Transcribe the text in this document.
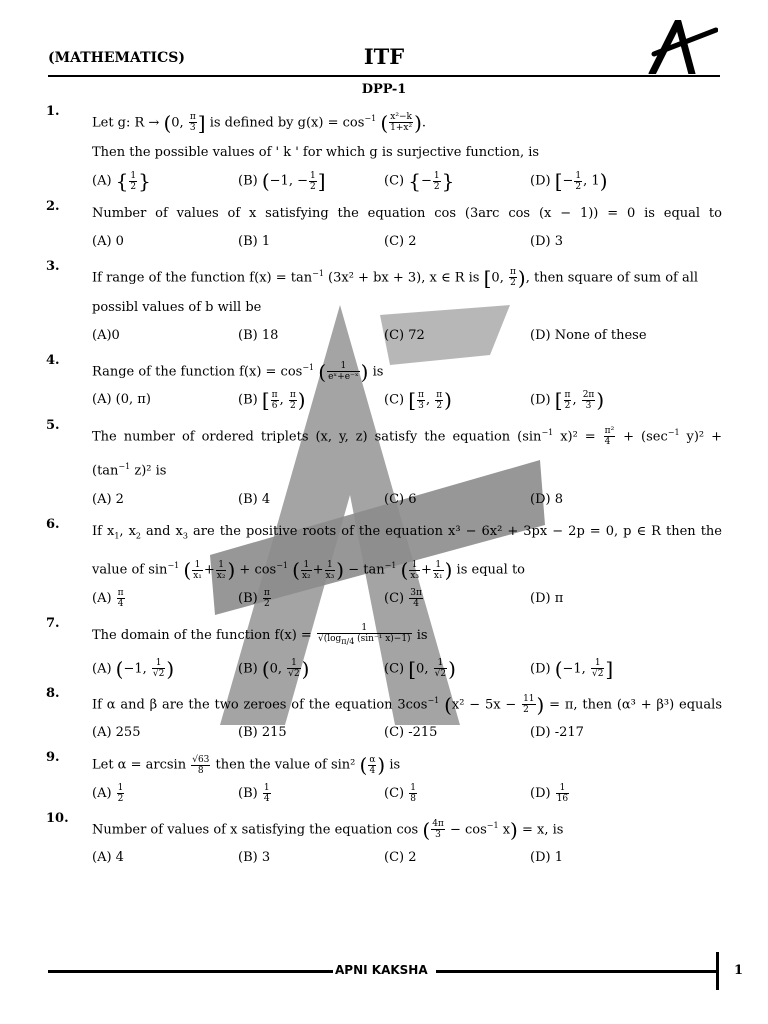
(MATHEMATICS)	ITF
DPP-1
1.
Let g: R → (0, $\frac{\pi}{3}$ ] is defined by $g(x) = \cos^{-1}$ ( $\frac{\text{x²−k}}{\text{1+x²}}$ ).
Then the possible values of ' k ' for which g is surjective function, is
(A) { $\frac{1}{2}$ }	(B) (−1, − $\frac{1}{2}$ ]	(C) {− $\frac{1}{2}$ }	(D) [− $\frac{1}{2}$ , 1)
2.	Number of values of x satisfying the equation cos (3arc cos (x − 1)) = 0 is equal to
(A) 0	(B) 1	(C) 2	(D) 3
3.
If range of the function $f(x) = \tan^{-1} (3x^2$ + bx + 3), x ∈ R is [0, $\frac{\pi}{2}$ ), then square of sum of all
possibl values of b will be
(A)0	(B) 18	(C) 72	(D) None of these
4.
Range of the function $f(x) = \cos^{-1}$ ( $\frac{1}{\text{eˣ+e⁻ˣ}}$ ) is
(A) (0, π)	(B) [ $\frac{\pi}{6}$ , $\frac{\pi}{2}$ )	(C) [ $\frac{\pi}{3}$ , $\frac{\pi}{2}$ )	(D) [ $\frac{\pi}{2}$ , $\frac{2\pi}{3}$ )
5.
The number of ordered triplets (x, y, z) satisfy the equation ($\sin^{-1}$ $x)^2 = \frac{\text{π²}}{4} + (\sec^{-1}$ y)² +
($\tan^{-1}$ z)² is
(A) 2	(B) 4	(C) 6	(D) 8
6.	If $x_1$, $x_2$ and $x_3$ are the positive roots of the equation x³ − 6x² + 3px − 2p = 0, p ∈ R then the
value of $\sin^{-1}$ ( $\frac{1}{\text{x₁}} + \frac{1}{\text{x₂}}$ ) + $\cos^{-1}$ ( $\frac{1}{\text{x₂}} + \frac{1}{\text{x₃}}$ ) − $\tan^{-1}$ ( $\frac{1}{\text{x₃}} + \frac{1}{\text{x₁}}$ ) is equal to
$(A) \frac{\pi}{4}$	$(B) \frac{\pi}{2}$	$(C) \frac{3\pi}{4}$	(D) π
7.
The domain of the function $f(x) = \frac{1}{√(\log_{\pi/4} (\sin^{-1} x)-1)}$ is
(A) (−1, $\frac{1}{√2}$ )	(B) (0, $\frac{1}{√2}$ )	(C) [0, $\frac{1}{√2}$ )	(D) (−1, $\frac{1}{√2}$ ]
8.
If α and β are the two zeroes of the equation $3\cos^{-1}$ ($x^2 - 5x - \frac{11}{2}$ ) = π, then (α³ + β³) equals
(A) 255	(B) 215	(C) -215	(D) -217
9.	Let $\alpha = \arcsin \frac{√63}{8}$ then the value of sin² ( $\frac{\alpha}{4}$ ) is
$(A) \frac{1}{2}$	$(B) \frac{1}{4}$	$(C) \frac{1}{8}$	$(D) \frac{1}{16}$
10.
Number of values of x satisfying the equation cos ( $\frac{4\pi}{3} - \cos^{-1} x) = x$, is
(A) 4	(B) 3	(C) 2	(D) 1
APNI KAKSHA	1
